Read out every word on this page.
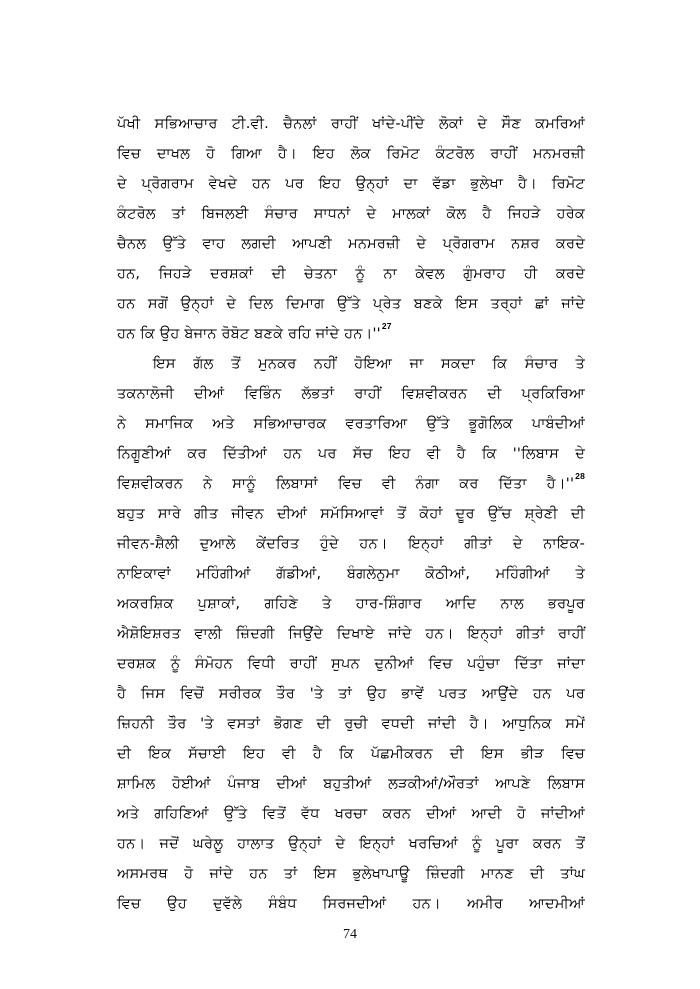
ਪੱਖੀ ਸਭਿਆਚਾਰ ਟੀ.ਵੀ. ਚੈਨਲਾਂ ਰਾਹੀਂ ਖਾਂਦੇ-ਪੀਂਦੇ ਲੋਕਾਂ ਦੇ ਸੌਣ ਕਮਰਿਆਂ
ਵਿਚ ਦਾਖਲ ਹੋ ਗਿਆ ਹੈ। ਇਹ ਲੋਕ ਰਿਮੋਟ ਕੰਟਰੋਲ ਰਾਹੀਂ ਮਨਮਰਜ਼ੀ
ਦੇ ਪ੍ਰੋਗਰਾਮ ਵੇਖਦੇ ਹਨ ਪਰ ਇਹ ਉਨ੍ਹਾਂ ਦਾ ਵੱਡਾ ਭੁਲੇਖਾ ਹੈ। ਰਿਮੋਟ
ਕੰਟਰੋਲ ਤਾਂ ਬਿਜਲਈ ਸੰਚਾਰ ਸਾਧਨਾਂ ਦੇ ਮਾਲਕਾਂ ਕੋਲ ਹੈ ਜਿਹੜੇ ਹਰੇਕ
ਚੈਨਲ ਉੱਤੇ ਵਾਹ ਲਗਦੀ ਆਪਣੀ ਮਨਮਰਜ਼ੀ ਦੇ ਪ੍ਰੋਗਰਾਮ ਨਸ਼ਰ ਕਰਦੇ
ਹਨ, ਜਿਹੜੇ ਦਰਸ਼ਕਾਂ ਦੀ ਚੇਤਨਾ ਨੂੰ ਨਾ ਕੇਵਲ ਗੁੰਮਰਾਹ ਹੀ ਕਰਦੇ
ਹਨ ਸਗੋਂ ਉਨ੍ਹਾਂ ਦੇ ਦਿਲ ਦਿਮਾਗ ਉੱਤੇ ਪ੍ਰੇਤ ਬਣਕੇ ਇਸ ਤਰ੍ਹਾਂ ਛਾਂ ਜਾਂਦੇ
ਹਨ ਕਿ ਉਹ ਬੇਜਾਨ ਰੋਬੋਟ ਬਣਕੇ ਰਹਿ ਜਾਂਦੇ ਹਨ।''$^{27}$
ਇਸ ਗੱਲ ਤੋਂ ਮੁਨਕਰ ਨਹੀਂ ਹੋਇਆ ਜਾ ਸਕਦਾ ਕਿ ਸੰਚਾਰ ਤੇ
ਤਕਨਾਲੋਜੀ ਦੀਆਂ ਵਿਭਿੰਨ ਲੱਭਤਾਂ ਰਾਹੀਂ ਵਿਸ਼ਵੀਕਰਨ ਦੀ ਪ੍ਰਕਿਰਿਆ
ਨੇ ਸਮਾਜਿਕ ਅਤੇ ਸਭਿਆਚਾਰਕ ਵਰਤਾਰਿਆ ਉੱਤੇ ਭੂਗੋਲਿਕ ਪਾਬੰਦੀਆਂ
ਨਿਗੂਣੀਆਂ ਕਰ ਦਿੱਤੀਆਂ ਹਨ ਪਰ ਸੱਚ ਇਹ ਵੀ ਹੈ ਕਿ ''ਲਿਬਾਸ ਦੇ
ਵਿਸ਼ਵੀਕਰਨ ਨੇ ਸਾਨੂੰ ਲਿਬਾਸਾਂ ਵਿਚ ਵੀ ਨੰਗਾ ਕਰ ਦਿੱਤਾ ਹੈ।''$^{28}$
ਬਹੁਤ ਸਾਰੇ ਗੀਤ ਜੀਵਨ ਦੀਆਂ ਸਮੱਸਿਆਵਾਂ ਤੋਂ ਕੋਹਾਂ ਦੂਰ ਉੱਚ ਸ਼੍ਰੇਣੀ ਦੀ
ਜੀਵਨ-ਸ਼ੈਲੀ ਦੁਆਲੇ ਕੇਂਦਰਿਤ ਹੁੰਦੇ ਹਨ। ਇਨ੍ਹਾਂ ਗੀਤਾਂ ਦੇ ਨਾਇਕ-
ਨਾਇਕਾਵਾਂ ਮਹਿੰਗੀਆਂ ਗੱਡੀਆਂ, ਬੰਗਲੇਨੁਮਾ ਕੋਠੀਆਂ, ਮਹਿੰਗੀਆਂ ਤੇ
ਅਕਰਸ਼ਿਕ ਪੁਸ਼ਾਕਾਂ, ਗਹਿਣੇ ਤੇ ਹਾਰ-ਸ਼ਿੰਗਾਰ ਆਦਿ ਨਾਲ ਭਰਪੂਰ
ਐਸ਼ੋਇਸ਼ਰਤ ਵਾਲੀ ਜ਼ਿੰਦਗੀ ਜਿਉਂਦੇ ਦਿਖਾਏ ਜਾਂਦੇ ਹਨ। ਇਨ੍ਹਾਂ ਗੀਤਾਂ ਰਾਹੀਂ
ਦਰਸ਼ਕ ਨੂੰ ਸੰਮੋਹਨ ਵਿਧੀ ਰਾਹੀਂ ਸੁਪਨ ਦੁਨੀਆਂ ਵਿਚ ਪਹੁੰਚਾ ਦਿੱਤਾ ਜਾਂਦਾ
ਹੈ ਜਿਸ ਵਿਚੋਂ ਸਰੀਰਕ ਤੌਰ 'ਤੇ ਤਾਂ ਉਹ ਭਾਵੇਂ ਪਰਤ ਆਉਂਦੇ ਹਨ ਪਰ
ਜ਼ਿਹਨੀ ਤੌਰ 'ਤੇ ਵਸਤਾਂ ਭੋਗਣ ਦੀ ਰੁਚੀ ਵਧਦੀ ਜਾਂਦੀ ਹੈ। ਆਧੁਨਿਕ ਸਮੇਂ
ਦੀ ਇਕ ਸੱਚਾਈ ਇਹ ਵੀ ਹੈ ਕਿ ਪੱਛਮੀਕਰਨ ਦੀ ਇਸ ਭੀੜ ਵਿਚ
ਸ਼ਾਮਿਲ ਹੋਈਆਂ ਪੰਜਾਬ ਦੀਆਂ ਬਹੁਤੀਆਂ ਲੜਕੀਆਂ/ਔਰਤਾਂ ਆਪਣੇ ਲਿਬਾਸ
ਅਤੇ ਗਹਿਣਿਆਂ ਉੱਤੇ ਵਿਤੋਂ ਵੱਧ ਖਰਚਾ ਕਰਨ ਦੀਆਂ ਆਦੀ ਹੋ ਜਾਂਦੀਆਂ
ਹਨ। ਜਦੋਂ ਘਰੇਲੂ ਹਾਲਾਤ ਉਨ੍ਹਾਂ ਦੇ ਇਨ੍ਹਾਂ ਖਰਚਿਆਂ ਨੂੰ ਪੂਰਾ ਕਰਨ ਤੋਂ
ਅਸਮਰਥ ਹੋ ਜਾਂਦੇ ਹਨ ਤਾਂ ਇਸ ਭੁਲੇਖਾਪਾਊ ਜ਼ਿੰਦਗੀ ਮਾਨਣ ਦੀ ਤਾਂਘ
ਵਿਚ ਉਹ ਦੁਵੱਲੇ ਸੰਬੰਧ ਸਿਰਜਦੀਆਂ ਹਨ। ਅਮੀਰ ਆਦਮੀਆਂ
74
